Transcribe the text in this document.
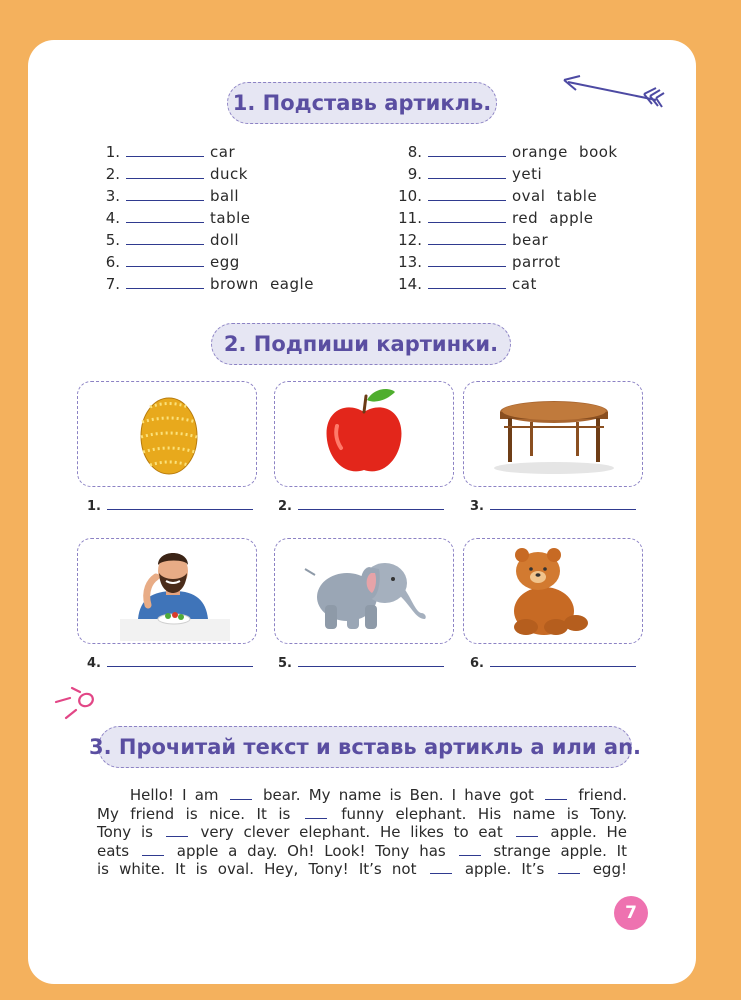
1. Подставь артикль.
1.	car
2.	duck
3.	ball
4.	table
5.	doll
6.	egg
7.	brown eagle
8.	orange book
9.	yeti
10.	oval table
11.	red apple
12.	bear
13.	parrot
14.	cat
2. Подпиши картинки.
1.	2.	3.
4.	5.	6.
3. Прочитай текст и вставь артикль a или an.
Hello! I am	bear. My name is Ben. I have got	friend.
My friend is nice. It is	funny elephant. His name is Tony.
Tony is	very clever elephant. He likes to eat	apple. He
eats	apple a day. Oh! Look! Tony has	strange apple. It
is white. It is oval. Hey, Tony! It’s not	apple. It’s	egg!
7
